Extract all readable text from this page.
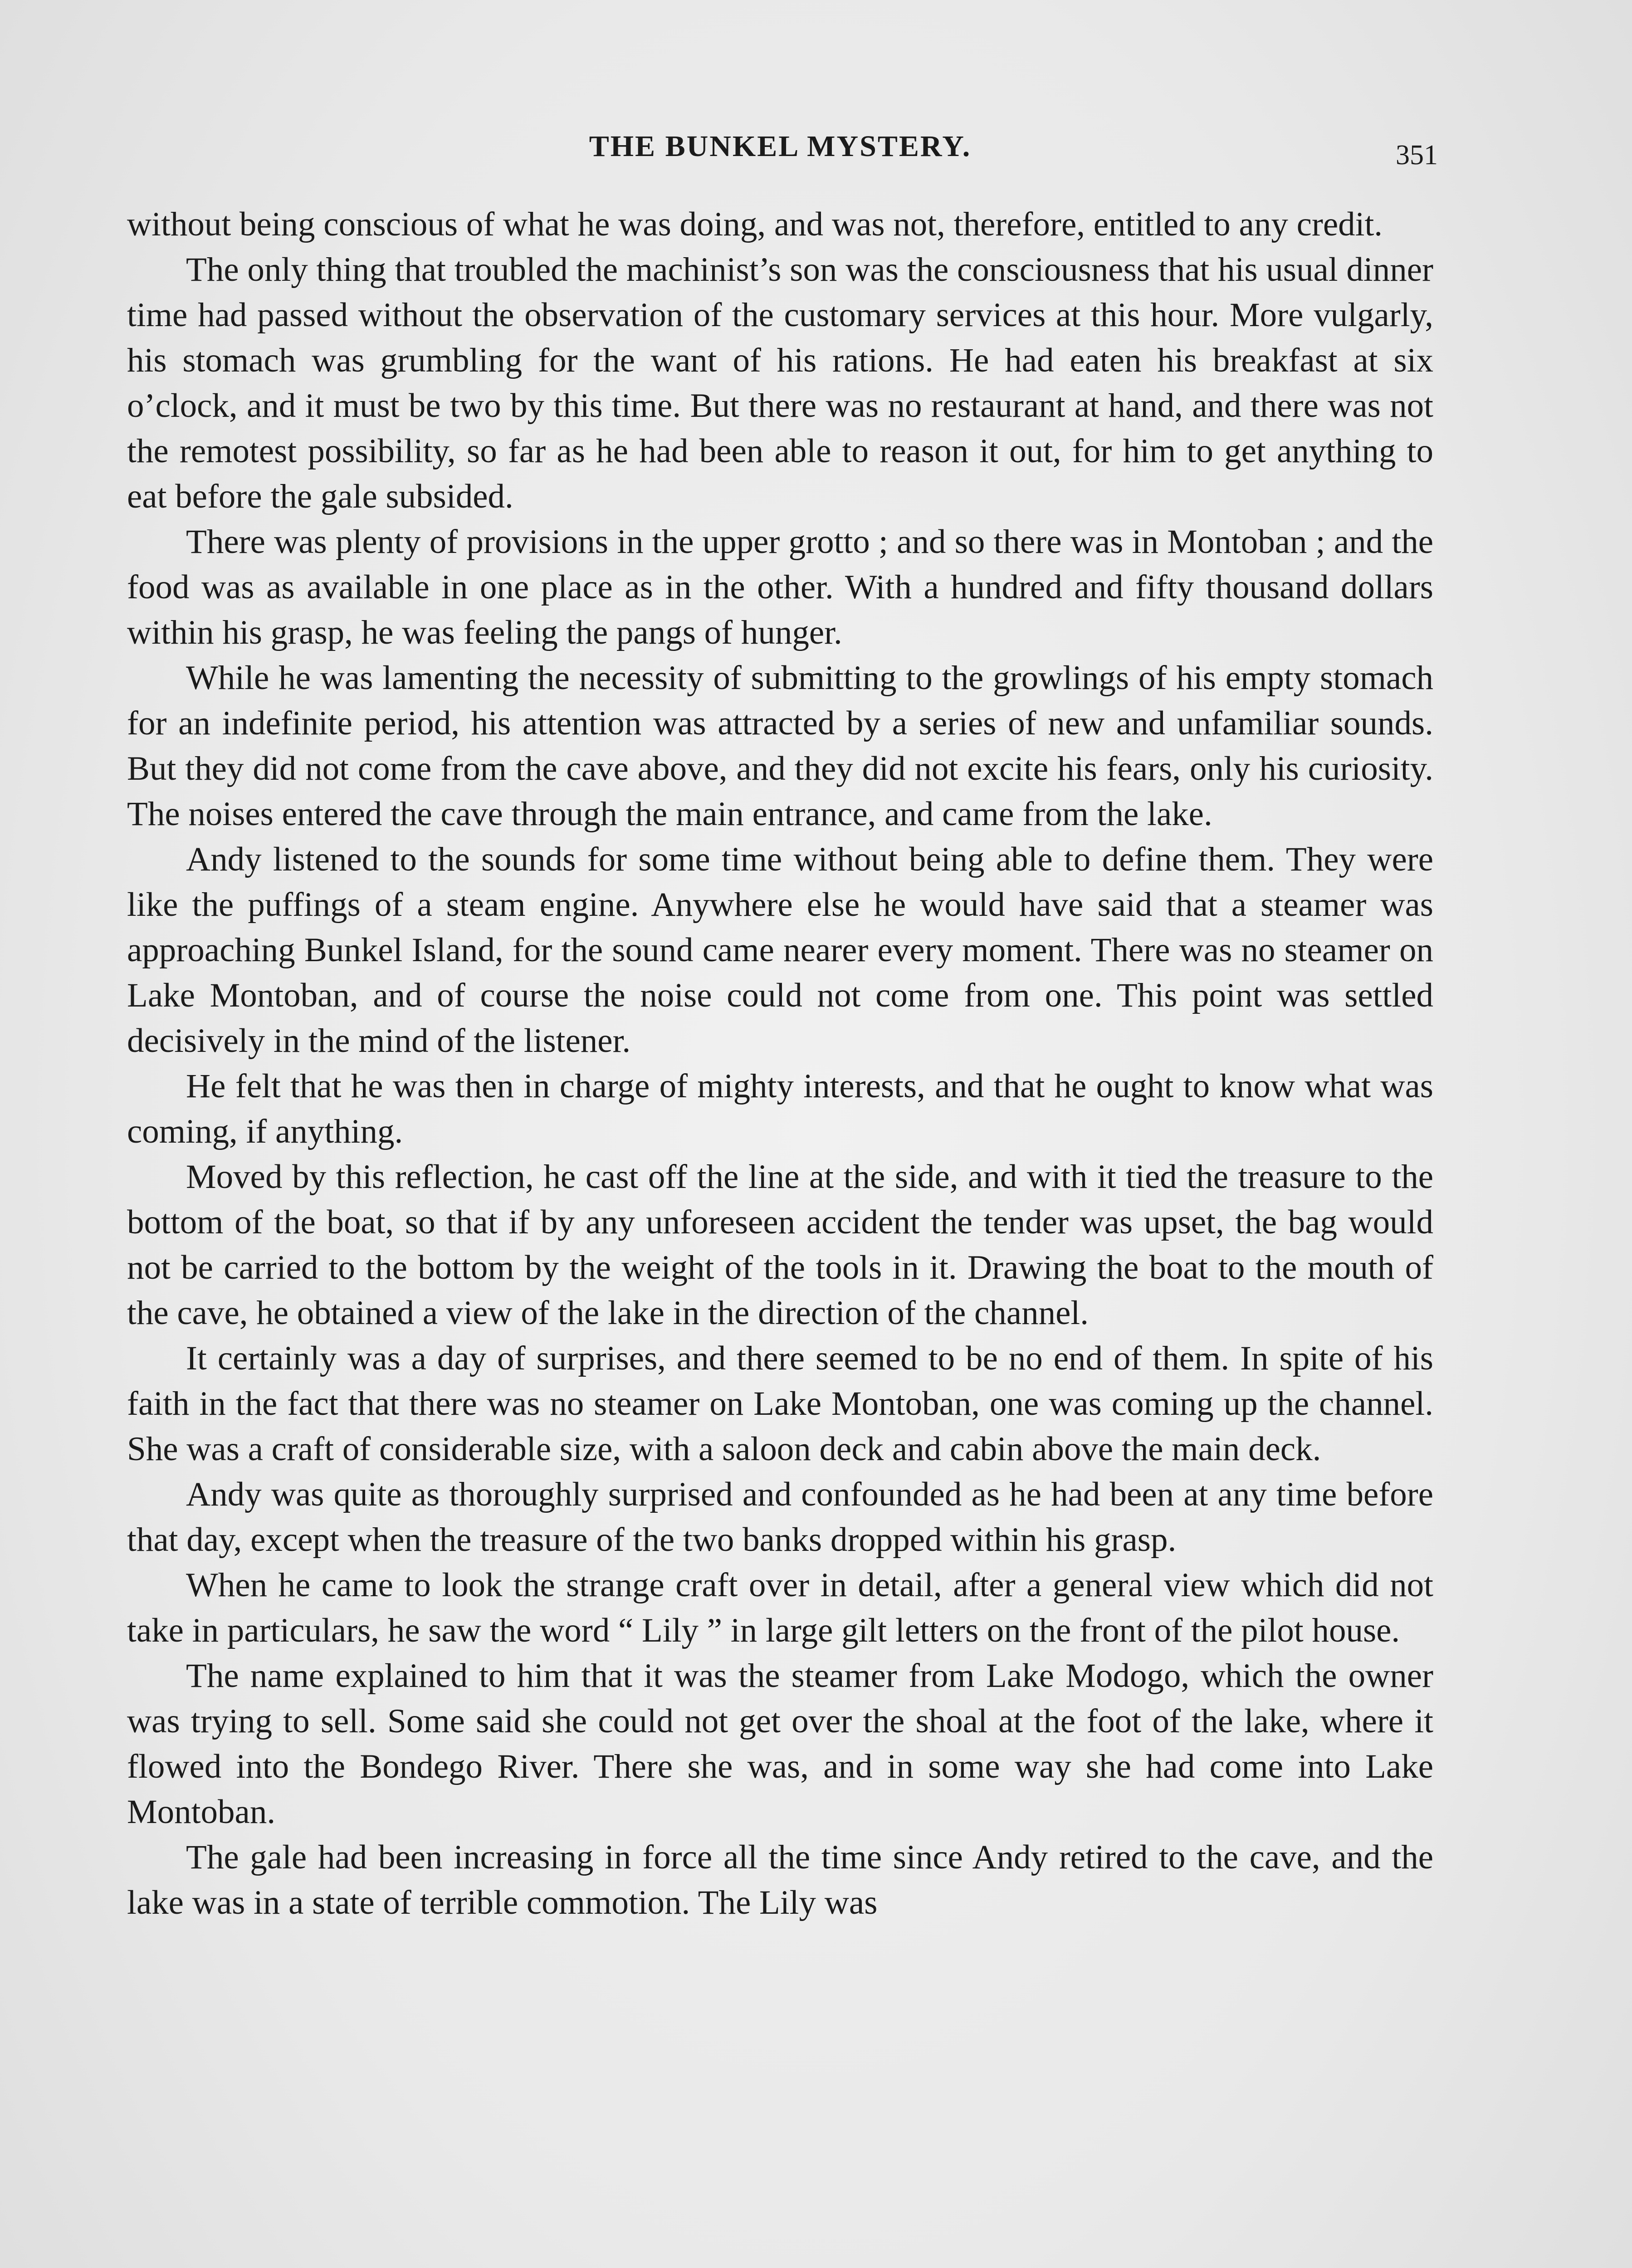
THE BUNKEL MYSTERY.	351

without being conscious of what he was doing, and was not, therefore, entitled to any credit.

The only thing that troubled the machinist’s son was the consciousness that his usual dinner time had passed without the observation of the customary services at this hour. More vulgarly, his stomach was grumbling for the want of his rations. He had eaten his breakfast at six o’clock, and it must be two by this time. But there was no restaurant at hand, and there was not the remotest possibility, so far as he had been able to reason it out, for him to get anything to eat before the gale subsided.

There was plenty of provisions in the upper grotto ; and so there was in Montoban ; and the food was as available in one place as in the other. With a hundred and fifty thousand dollars within his grasp, he was feeling the pangs of hunger.

While he was lamenting the necessity of submitting to the growlings of his empty stomach for an indefinite period, his attention was attracted by a series of new and unfamiliar sounds. But they did not come from the cave above, and they did not excite his fears, only his curiosity. The noises entered the cave through the main entrance, and came from the lake.

Andy listened to the sounds for some time without being able to define them. They were like the puffings of a steam engine. Anywhere else he would have said that a steamer was approaching Bunkel Island, for the sound came nearer every moment. There was no steamer on Lake Montoban, and of course the noise could not come from one. This point was settled decisively in the mind of the listener.

He felt that he was then in charge of mighty interests, and that he ought to know what was coming, if anything.

Moved by this reflection, he cast off the line at the side, and with it tied the treasure to the bottom of the boat, so that if by any unforeseen accident the tender was upset, the bag would not be carried to the bottom by the weight of the tools in it. Drawing the boat to the mouth of the cave, he obtained a view of the lake in the direction of the channel.

It certainly was a day of surprises, and there seemed to be no end of them. In spite of his faith in the fact that there was no steamer on Lake Montoban, one was coming up the channel. She was a craft of considerable size, with a saloon deck and cabin above the main deck.

Andy was quite as thoroughly surprised and confounded as he had been at any time before that day, except when the treasure of the two banks dropped within his grasp.

When he came to look the strange craft over in detail, after a general view which did not take in particulars, he saw the word “ Lily ” in large gilt letters on the front of the pilot house.

The name explained to him that it was the steamer from Lake Modogo, which the owner was trying to sell. Some said she could not get over the shoal at the foot of the lake, where it flowed into the Bondego River. There she was, and in some way she had come into Lake Montoban.

The gale had been increasing in force all the time since Andy retired to the cave, and the lake was in a state of terrible commotion. The Lily was
